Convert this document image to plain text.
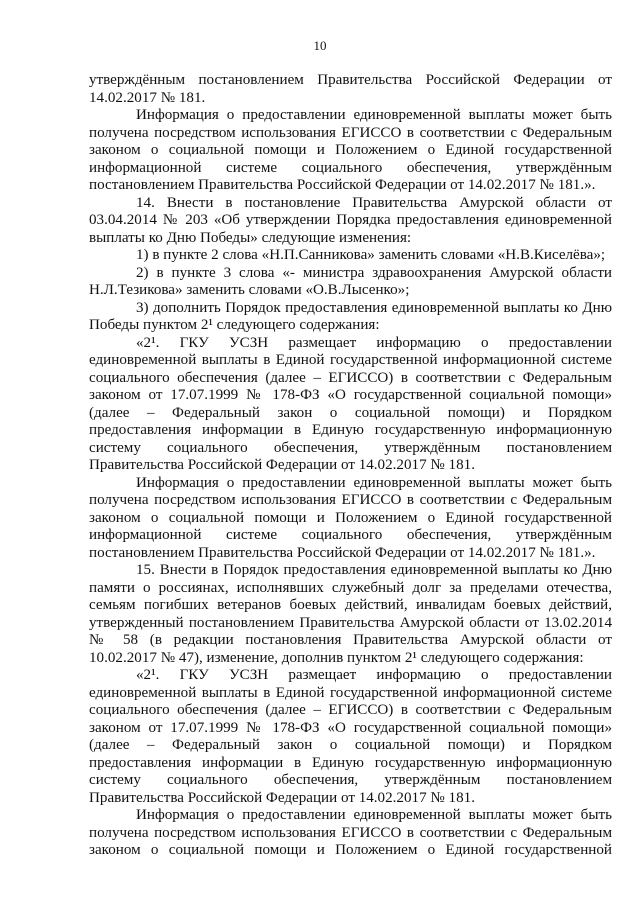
10
утверждённым постановлением Правительства Российской Федерации от
14.02.2017 № 181.
Информация о предоставлении единовременной выплаты может быть
получена посредством использования ЕГИССО в соответствии с Федеральным
законом о социальной помощи и Положением о Единой государственной
информационной системе социального обеспечения, утверждённым
постановлением Правительства Российской Федерации от 14.02.2017 № 181.».
14. Внести в постановление Правительства Амурской области от
03.04.2014 № 203 «Об утверждении Порядка предоставления единовременной
выплаты ко Дню Победы» следующие изменения:
1) в пункте 2 слова «Н.П.Санникова» заменить словами «Н.В.Киселёва»;
2) в пункте 3 слова «- министра здравоохранения Амурской области
Н.Л.Тезикова» заменить словами «О.В.Лысенко»;
3) дополнить Порядок предоставления единовременной выплаты ко Дню
Победы пунктом 2¹ следующего содержания:
«2¹. ГКУ УСЗН размещает информацию о предоставлении
единовременной выплаты в Единой государственной информационной системе
социального обеспечения (далее – ЕГИССО) в соответствии с Федеральным
законом от 17.07.1999 № 178-ФЗ «О государственной социальной помощи»
(далее – Федеральный закон о социальной помощи) и Порядком
предоставления информации в Единую государственную информационную
систему социального обеспечения, утверждённым постановлением
Правительства Российской Федерации от 14.02.2017 № 181.
Информация о предоставлении единовременной выплаты может быть
получена посредством использования ЕГИССО в соответствии с Федеральным
законом о социальной помощи и Положением о Единой государственной
информационной системе социального обеспечения, утверждённым
постановлением Правительства Российской Федерации от 14.02.2017 № 181.».
15. Внести в Порядок предоставления единовременной выплаты ко Дню
памяти о россиянах, исполнявших служебный долг за пределами отечества,
семьям погибших ветеранов боевых действий, инвалидам боевых действий,
утвержденный постановлением Правительства Амурской области от 13.02.2014
№ 58 (в редакции постановления Правительства Амурской области от
10.02.2017 № 47), изменение, дополнив пунктом 2¹ следующего содержания:
«2¹. ГКУ УСЗН размещает информацию о предоставлении
единовременной выплаты в Единой государственной информационной системе
социального обеспечения (далее – ЕГИССО) в соответствии с Федеральным
законом от 17.07.1999 № 178-ФЗ «О государственной социальной помощи»
(далее – Федеральный закон о социальной помощи) и Порядком
предоставления информации в Единую государственную информационную
систему социального обеспечения, утверждённым постановлением
Правительства Российской Федерации от 14.02.2017 № 181.
Информация о предоставлении единовременной выплаты может быть
получена посредством использования ЕГИССО в соответствии с Федеральным
законом о социальной помощи и Положением о Единой государственной
